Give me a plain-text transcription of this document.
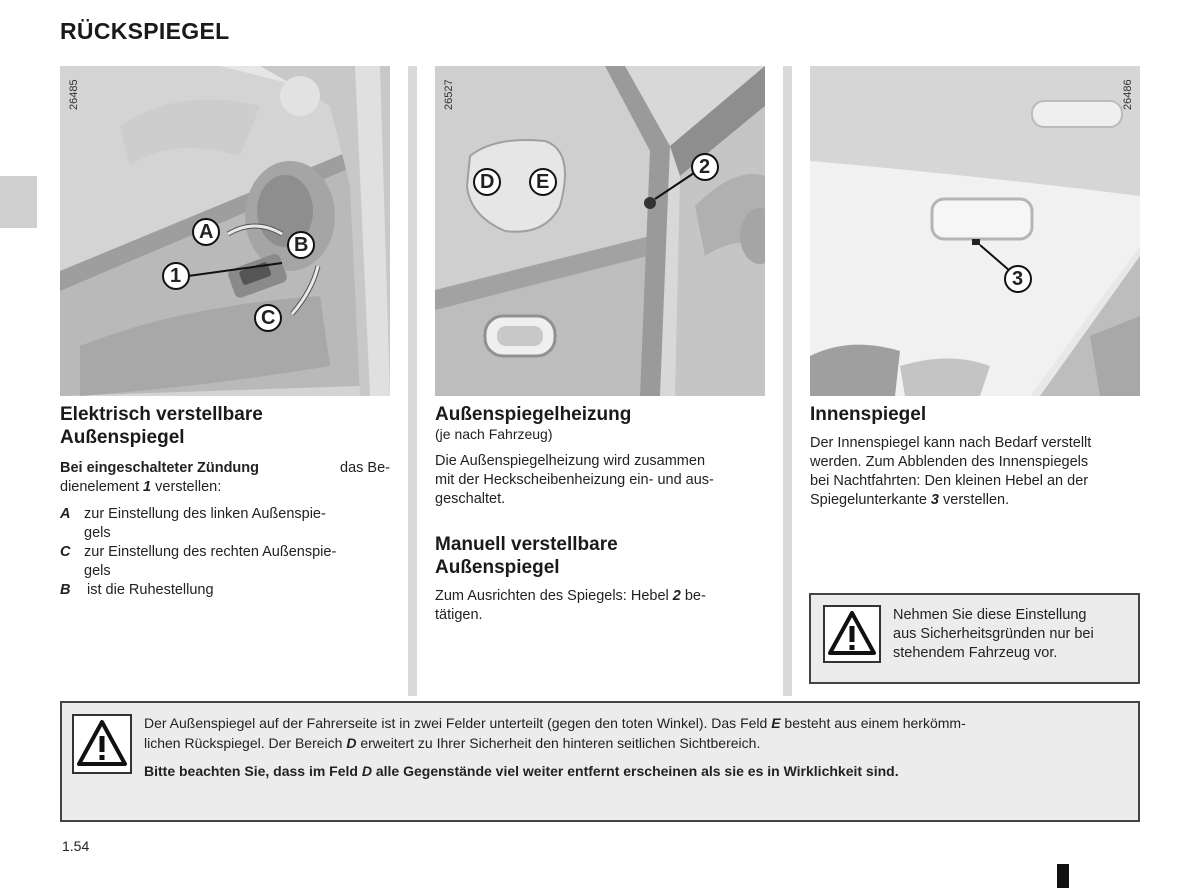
RÜCKSPIEGEL
A
B
1
C
26485
D E
2
26527
3
26486
Elektrisch verstellbare
Außenspiegel
Bei eingeschalteter Zündung	das Be-
dienelement 1 verstellen:
A zur Einstellung des linken Außenspie-
gels
C zur Einstellung des rechten Außenspie-
gels
B ist die Ruhestellung
Außenspiegelheizung
(je nach Fahrzeug)
Die Außenspiegelheizung wird zusammen
mit der Heckscheibenheizung ein- und aus-
geschaltet.
Manuell verstellbare
Außenspiegel
Zum Ausrichten des Spiegels: Hebel 2 be-
tätigen.
Innenspiegel
Der Innenspiegel kann nach Bedarf verstellt
werden. Zum Abblenden des Innenspiegels
bei Nachtfahrten: Den kleinen Hebel an der
Spiegelunterkante 3 verstellen.
Nehmen Sie diese Einstellung
aus Sicherheitsgründen nur bei
stehendem Fahrzeug vor.
Der Außenspiegel auf der Fahrerseite ist in zwei Felder unterteilt (gegen den toten Winkel). Das Feld E besteht aus einem herkömm-
lichen Rückspiegel. Der Bereich D erweitert zu Ihrer Sicherheit den hinteren seitlichen Sichtbereich.
Bitte beachten Sie, dass im Feld D alle Gegenstände viel weiter entfernt erscheinen als sie es in Wirklichkeit sind.
1.54
